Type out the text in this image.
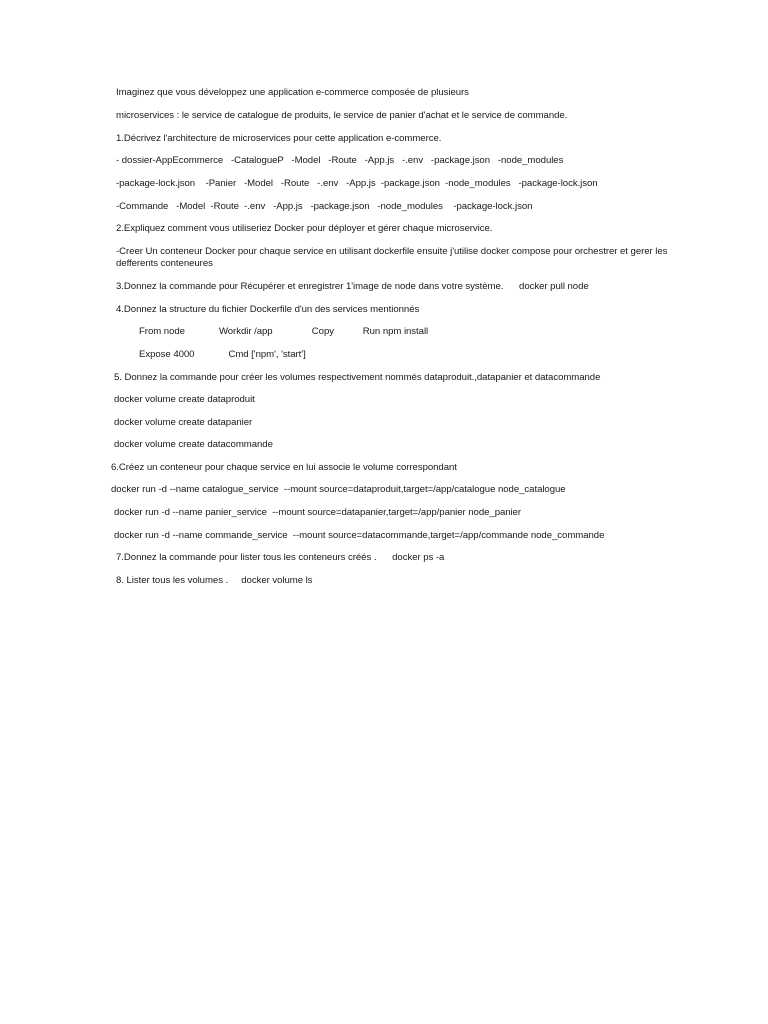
Imaginez que vous développez une application e-commerce composée de plusieurs
microservices : le service de catalogue de produits, le service de panier d'achat et le service de commande.
1.Décrivez l'architecture de microservices pour cette application e-commerce.
- dossier-AppEcommerce   -CatalogueP   -Model   -Route   -App.js   -.env   -package.json   -node_modules
-package-lock.json    -Panier   -Model   -Route   -.env   -App.js  -package.json  -node_modules   -package-lock.json
-Commande   -Model  -Route  -.env   -App.js   -package.json   -node_modules    -package-lock.json
2.Expliquez comment vous utiliseriez Docker pour déployer et gérer chaque microservice.
-Creer Un conteneur Docker pour chaque service en utilisant dockerfile ensuite j'utilise docker compose pour orchestrer et gerer les defferents conteneures
3.Donnez la commande pour Récupérer et enregistrer 1'image de node dans votre système.      docker pull node
4.Donnez la structure du fichier Dockerfile d'un des services mentionnés
From node             Workdir /app               Copy           Run npm install
Expose 4000             Cmd ['npm', 'start']
5. Donnez la commande pour créer les volumes respectivement nommés dataproduit.,datapanier et datacommande
docker volume create dataproduit
docker volume create datapanier
docker volume create datacommande
6.Créez un conteneur pour chaque service en lui associe le volume correspondant
docker run -d --name catalogue_service  --mount source=dataproduit,target=/app/catalogue node_catalogue
docker run -d --name panier_service  --mount source=datapanier,target=/app/panier node_panier
docker run -d --name commande_service  --mount source=datacommande,target=/app/commande node_commande
7.Donnez la commande pour lister tous les conteneurs créés .      docker ps -a
8. Lister tous les volumes .     docker volume ls
